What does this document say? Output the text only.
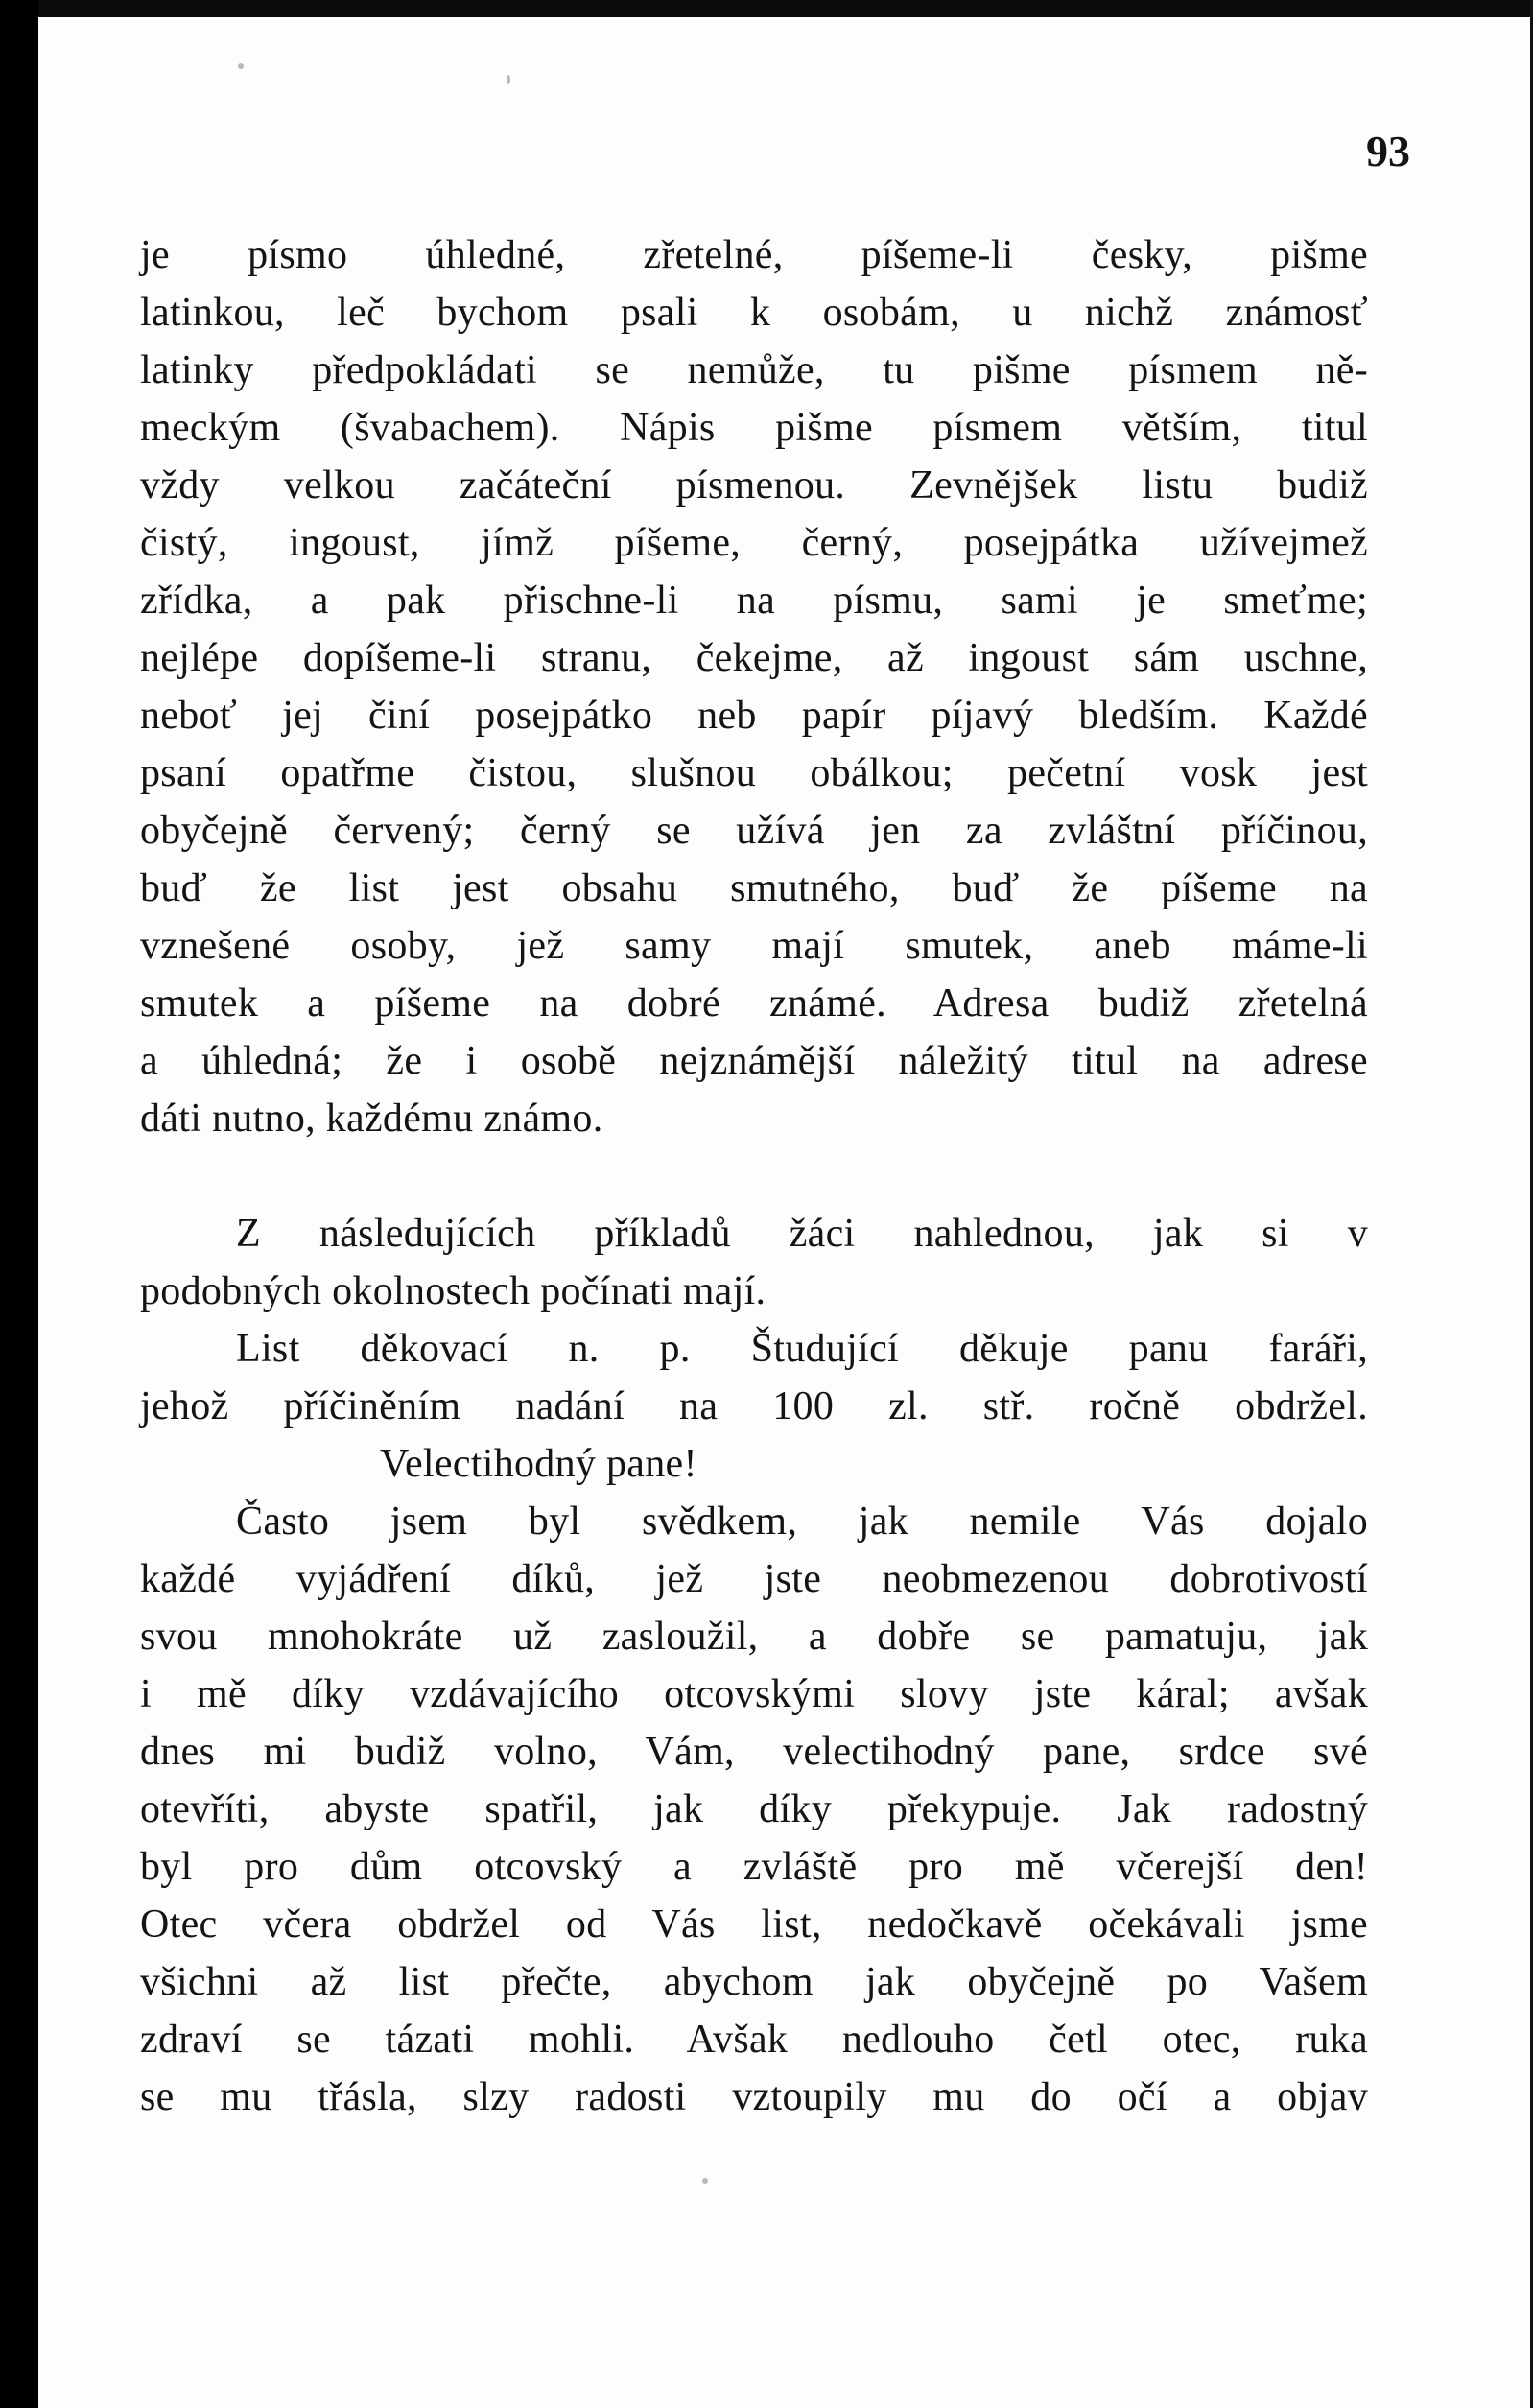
93

je písmo úhledné, zřetelné, píšeme-li česky, pišme

latinkou, leč bychom psali k osobám, u nichž známosť

latinky předpokládati se nemůže, tu pišme písmem ně-

meckým (švabachem). Nápis pišme písmem větším, titul

vždy velkou začáteční písmenou. Zevnějšek listu budiž

čistý, ingoust, jímž píšeme, černý, posejpátka užívejmež

zřídka, a pak přischne-li na písmu, sami je smeťme;

nejlépe dopíšeme-li stranu, čekejme, až ingoust sám uschne,

neboť jej činí posejpátko neb papír píjavý bledším. Každé

psaní opatřme čistou, slušnou obálkou; pečetní vosk jest

obyčejně červený; černý se užívá jen za zvláštní příčinou,

buď že list jest obsahu smutného, buď že píšeme na

vznešené osoby, jež samy mají smutek, aneb máme-li

smutek a píšeme na dobré známé. Adresa budiž zřetelná

a úhledná; že i osobě nejznámější náležitý titul na adrese

dáti nutno, každému známo.

Z následujících příkladů žáci nahlednou, jak si v

podobných okolnostech počínati mají.

List děkovací n. p. Študující děkuje panu faráři,

jehož příčiněním nadání na 100 zl. stř. ročně obdržel.

Velectihodný pane!

Často jsem byl svědkem, jak nemile Vás dojalo

každé vyjádření díků, jež jste neobmezenou dobrotivostí

svou mnohokráte už zasloužil, a dobře se pamatuju, jak

i mě díky vzdávajícího otcovskými slovy jste káral; avšak

dnes mi budiž volno, Vám, velectihodný pane, srdce své

otevříti, abyste spatřil, jak díky překypuje. Jak radostný

byl pro dům otcovský a zvláště pro mě včerejší den!

Otec včera obdržel od Vás list, nedočkavě očekávali jsme

všichni až list přečte, abychom jak obyčejně po Vašem

zdraví se tázati mohli. Avšak nedlouho četl otec, ruka

se mu třásla, slzy radosti vztoupily mu do očí a objav
